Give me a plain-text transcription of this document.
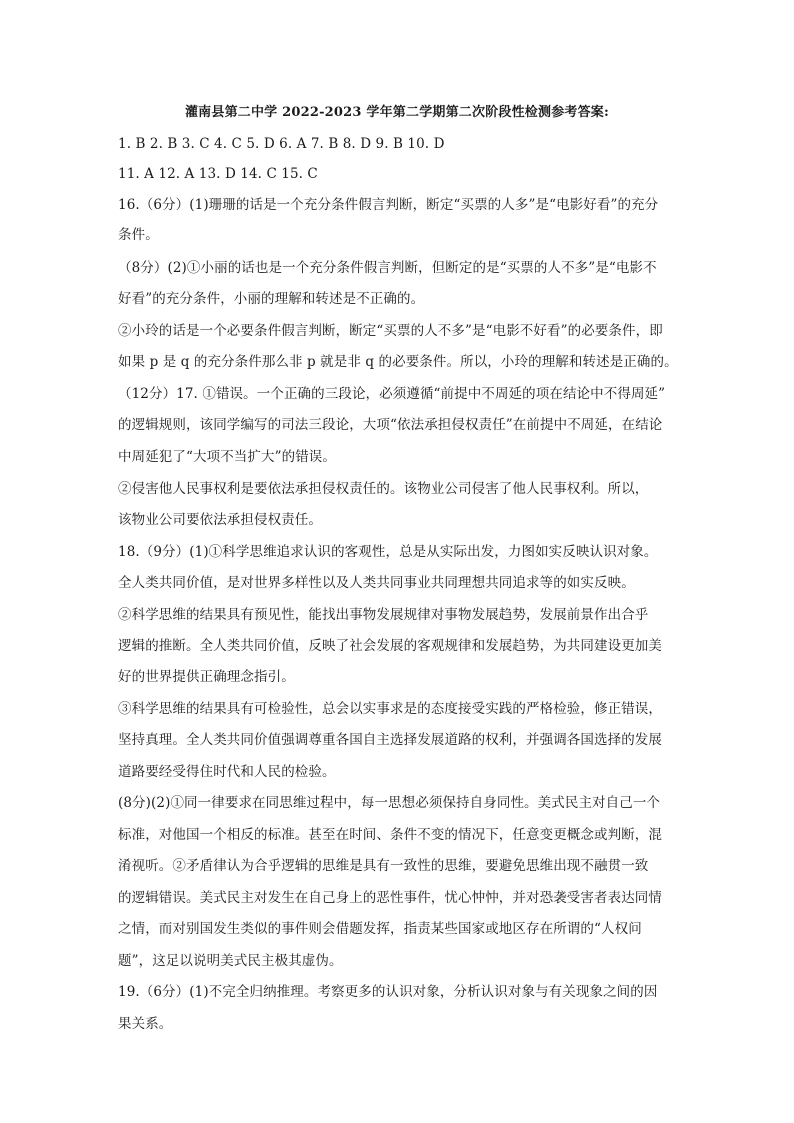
灌南县第二中学 2022-2023 学年第二学期第二次阶段性检测参考答案:
1. B 2. B 3. C 4. C 5. D 6. A 7. B 8. D 9. B 10. D
11. A 12. A 13. D 14. C 15. C
16.（6分）(1)珊珊的话是一个充分条件假言判断，断定“买票的人多”是“电影好看”的充分
条件。
（8分）(2)①小丽的话也是一个充分条件假言判断，但断定的是“买票的人不多”是“电影不
好看”的充分条件，小丽的理解和转述是不正确的。
②小玲的话是一个必要条件假言判断，断定“买票的人不多”是“电影不好看”的必要条件，即
如果 p 是 q 的充分条件那么非 p 就是非 q 的必要条件。所以，小玲的理解和转述是正确的。
（12分）17. ①错误。一个正确的三段论，必须遵循“前提中不周延的项在结论中不得周延”
的逻辑规则，该同学编写的司法三段论，大项“依法承担侵权责任”在前提中不周延，在结论
中周延犯了“大项不当扩大”的错误。
②侵害他人民事权利是要依法承担侵权责任的。该物业公司侵害了他人民事权利。所以，
该物业公司要依法承担侵权责任。
18.（9分）(1)①科学思维追求认识的客观性，总是从实际出发，力图如实反映认识对象。
全人类共同价值，是对世界多样性以及人类共同事业共同理想共同追求等的如实反映。
②科学思维的结果具有预见性，能找出事物发展规律对事物发展趋势，发展前景作出合乎
逻辑的推断。全人类共同价值，反映了社会发展的客观规律和发展趋势，为共同建设更加美
好的世界提供正确理念指引。
③科学思维的结果具有可检验性，总会以实事求是的态度接受实践的严格检验，修正错误，
坚持真理。全人类共同价值强调尊重各国自主选择发展道路的权利，并强调各国选择的发展
道路要经受得住时代和人民的检验。
(8分)(2)①同一律要求在同思维过程中，每一思想必须保持自身同性。美式民主对自己一个
标准，对他国一个相反的标准。甚至在时间、条件不变的情况下，任意变更概念或判断，混
淆视听。②矛盾律认为合乎逻辑的思维是具有一致性的思维，要避免思维出现不融贯一致
的逻辑错误。美式民主对发生在自己身上的恶性事件，忧心忡忡，并对恐袭受害者表达同情
之情，而对别国发生类似的事件则会借题发挥，指责某些国家或地区存在所谓的“人权问
题”，这足以说明美式民主极其虚伪。
19.（6分）(1)不完全归纳推理。考察更多的认识对象，分析认识对象与有关现象之间的因
果关系。
